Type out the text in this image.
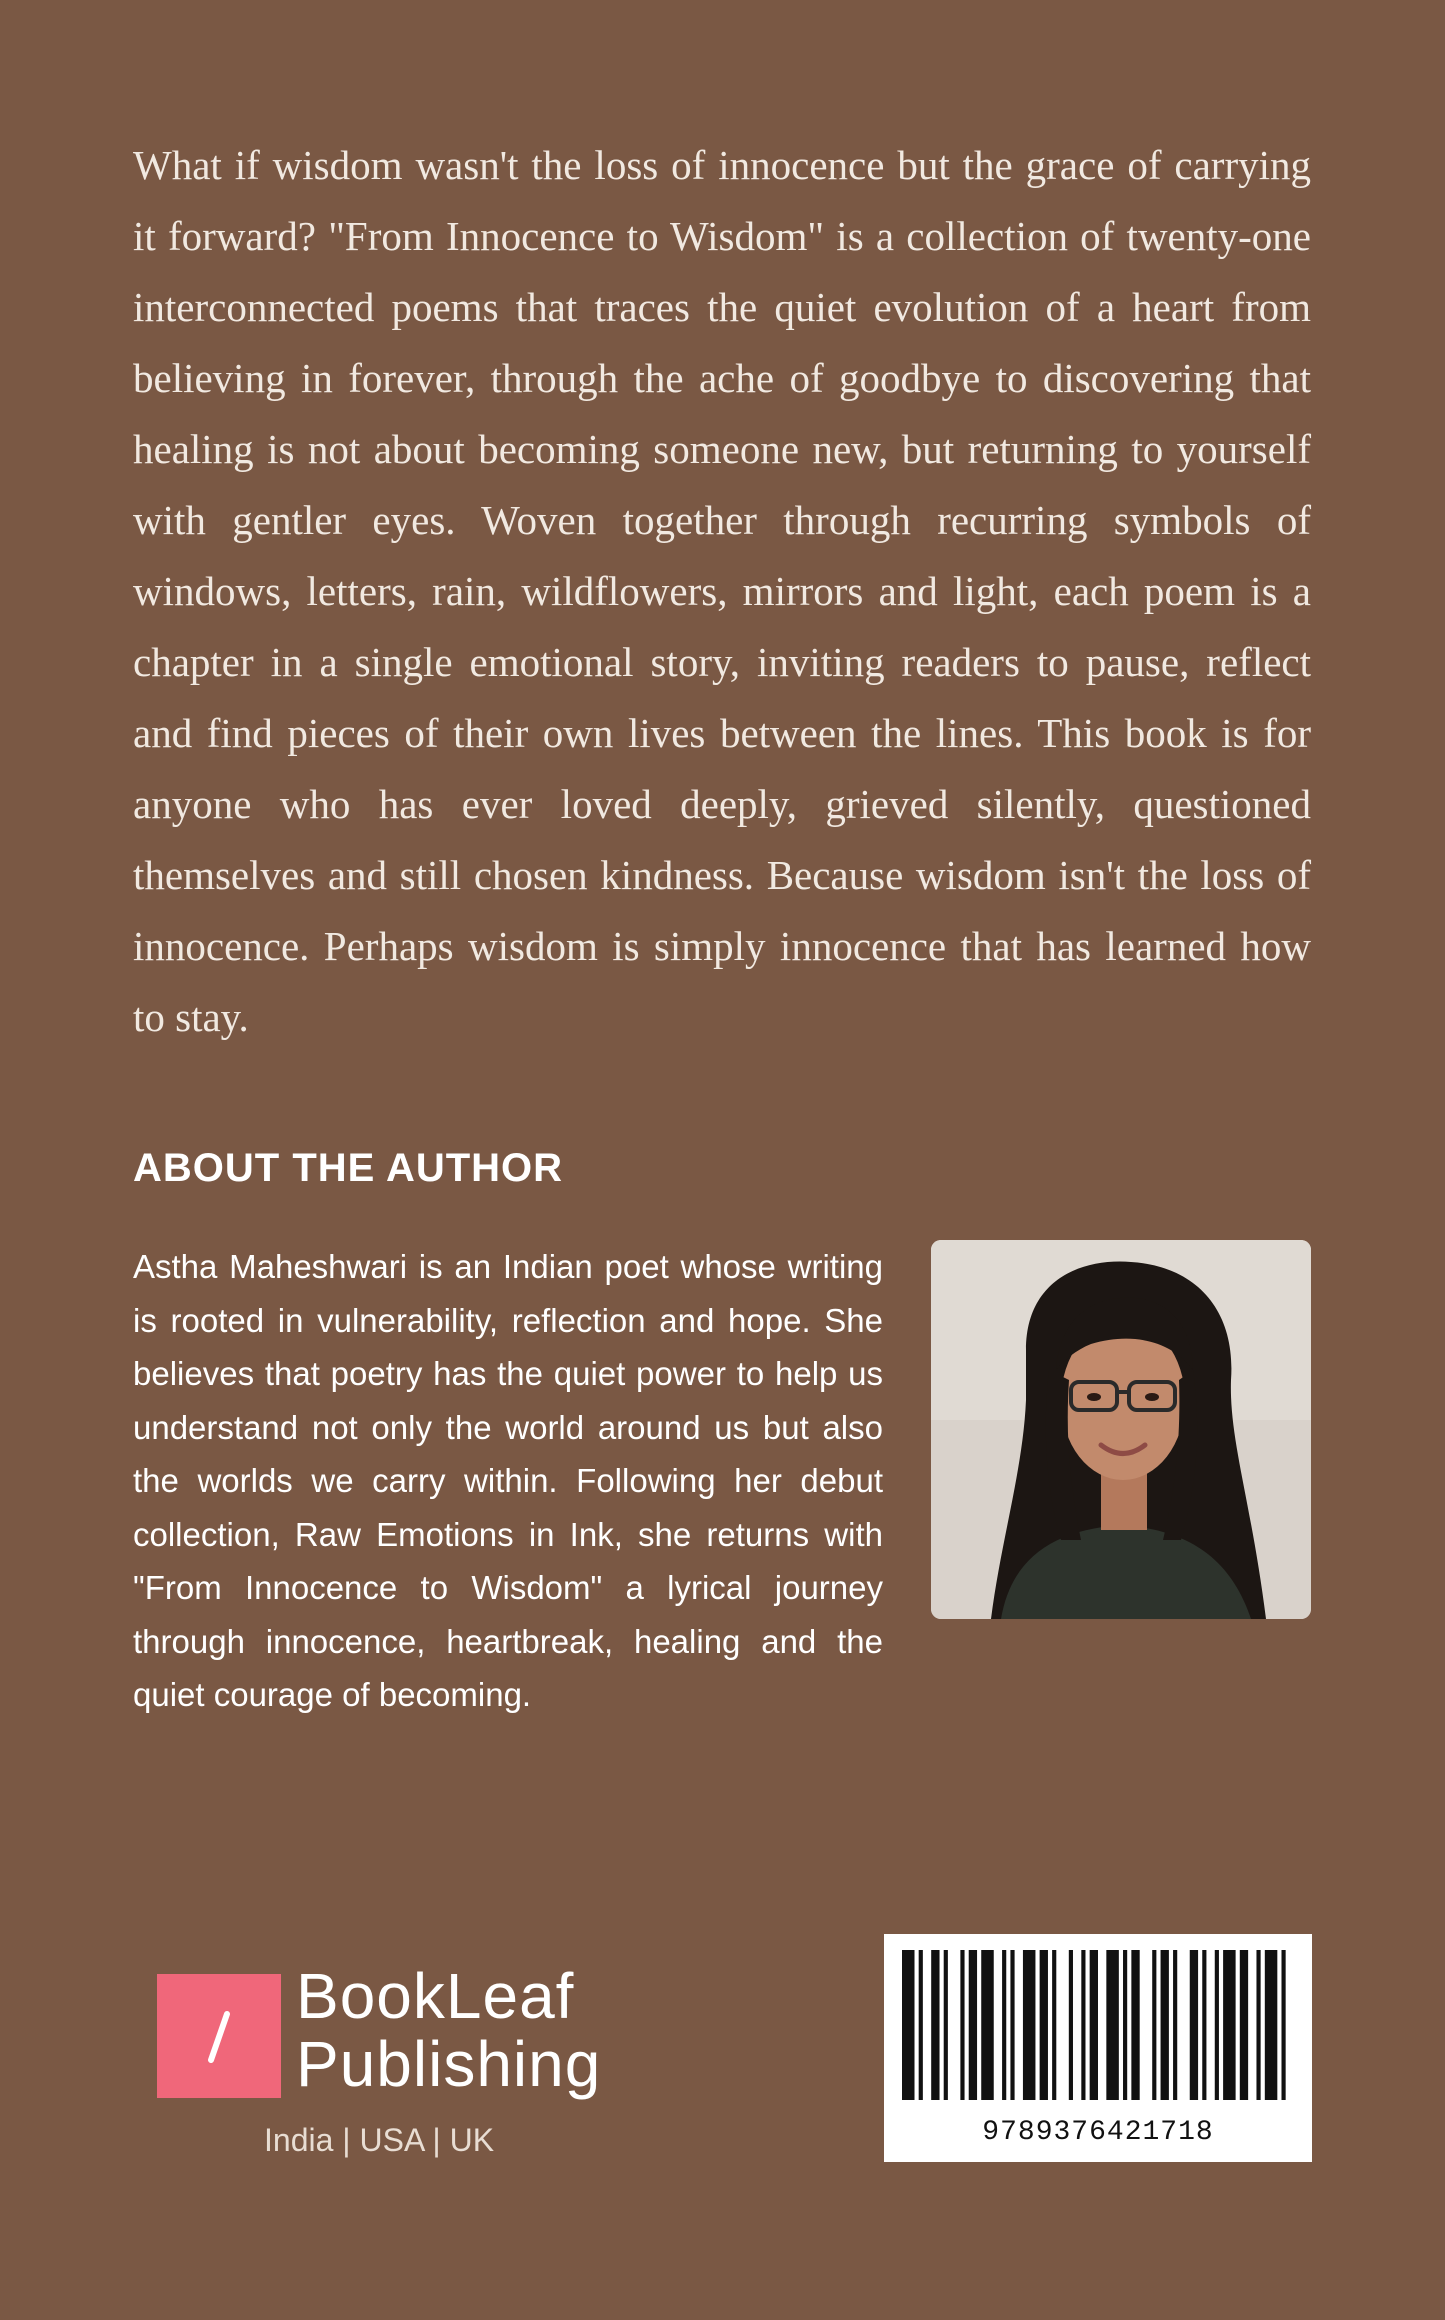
What if wisdom wasn't the loss of innocence but the grace of carrying it forward? "From Innocence to Wisdom" is a collection of twenty-one interconnected poems that traces the quiet evolution of a heart from believing in forever, through the ache of goodbye to discovering that healing is not about becoming someone new, but returning to yourself with gentler eyes. Woven together through recurring symbols of windows, letters, rain, wildflowers, mirrors and light, each poem is a chapter in a single emotional story, inviting readers to pause, reflect and find pieces of their own lives between the lines. This book is for anyone who has ever loved deeply, grieved silently, questioned themselves and still chosen kindness. Because wisdom isn't the loss of innocence. Perhaps wisdom is simply innocence that has learned how to stay.

ABOUT THE AUTHOR

Astha Maheshwari is an Indian poet whose writing is rooted in vulnerability, reflection and hope. She believes that poetry has the quiet power to help us understand not only the world around us but also the worlds we carry within. Following her debut collection, Raw Emotions in Ink, she returns with "From Innocence to Wisdom" a lyrical journey through innocence, heartbreak, healing and the quiet courage of becoming.

BookLeaf
Publishing
India | USA | UK	9789376421718
